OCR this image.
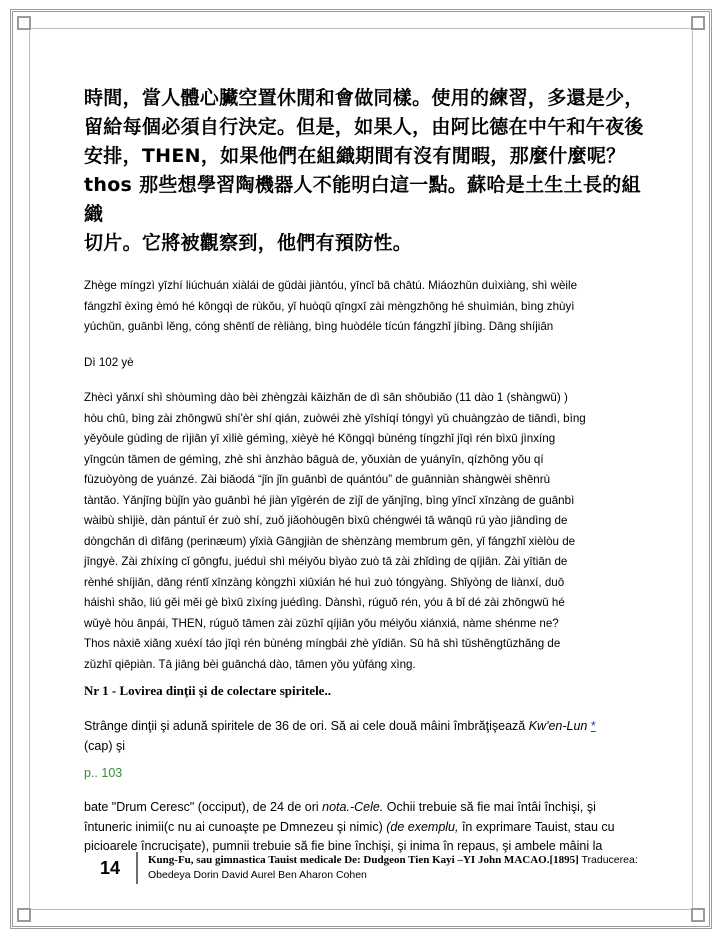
時間，當人體心臟空置休閒和會做同樣。使用的練習，多還是少，

留給每個必須自行決定。但是，如果人，由阿比德在中午和午夜後

安排，THEN，如果他們在組織期間有沒有閒暇，那麼什麼呢？

thos 那些想學習陶機器人不能明白這一點。蘇哈是土生土長的組織

切片。它將被觀察到，他們有預防性。

Zhège míngzì yīzhí liúchuán xiàlái de gǔdài jiàntóu, yīncǐ bā chātú. Miáozhǔn duìxiàng, shì wèile

fángzhǐ èxìng èmó hé kōngqì de rùkǒu, yǐ huòqǔ qīngxī zài mèngzhōng hé shuìmián, bìng zhùyì

yúchǔn, guānbì lěng, cóng shēntǐ de rèliàng, bìng huòdéle tícún fángzhǐ jíbìng. Dāng shíjiān

Dì 102 yè

Zhècì yǎnxí shì shòumìng dào bèi zhèngzài kāizhǎn de dì sān shǒubiǎo (11 dào 1 (shàngwǔ) )

hòu chū, bìng zài zhōngwǔ shí'èr shí qián, zuòwéi zhè yīshíqí tóngyì yǔ chuàngzào de tiāndì, bìng

yěyǒule gùdìng de rìjiān yī xìliè gémìng, xièyè hé Kōngqì bùnéng tíngzhǐ jīqì rén bìxū jìnxíng

yīngcùn tāmen de gémìng, zhè shì ànzhào bāguà de, yǒuxiàn de yuányīn, qízhōng yǒu qí

fùzuòyòng de yuánzé. Zài biǎodá “jǐn jǐn guānbì de quántóu” de guānniàn shàngwèi shēnrù

tàntǎo. Yǎnjīng bùjǐn yào guānbì hé jiàn yīgèrén de zìjǐ de yǎnjīng, bìng yīncǐ xīnzàng de guānbì

wàibù shìjiè, dàn pántuǐ ér zuò shí, zuǒ jiǎohòugēn bìxū chéngwéi tā wānqū rú yào jiāndìng de

dòngchǎn dì dìfāng (perinæum) yǐxià Gāngjiàn de shènzàng membrum gēn, yǐ fángzhǐ xièlòu de

jīngyè. Zài zhíxíng cǐ gōngfu, juéduì shì méiyǒu bìyào zuò tā zài zhǐdìng de qíjiān. Zài yītiān de

rènhé shíjiān, dāng réntǐ xīnzàng kòngzhì xiūxián hé huì zuò tóngyàng. Shǐyòng de liànxí, duō

háishì shǎo, liú gěi měi gè bìxū zìxíng juédìng. Dànshì, rúguǒ rén, yóu ā bǐ dé zài zhōngwǔ hé

wǔyè hòu ānpái, THEN, rúguǒ tāmen zài zǔzhī qíjiān yǒu méiyǒu xiánxiá, nàme shénme ne?

Thos nàxiē xiǎng xuéxí táo jīqì rén bùnéng míngbái zhè yīdiǎn. Sū hā shì tǔshēngtǔzhǎng de

zǔzhī qiēpiàn. Tā jiāng bèi guānchá dào, tāmen yǒu yùfáng xìng.

Nr 1 - Lovirea dinţii şi de colectare spiritele..

Strânge dinţii şi adună spiritele de 36 de ori. Să ai cele două mâini îmbrăţişează Kw'en-Lun *
(cap) şi

p.. 103

bate "Drum Ceresc" (occiput), de 24 de ori nota.-Cele. Ochii trebuie să fie mai întâi închişi, şi
întuneric inimii(c nu ai cunoaşte pe Dmnezeu şi nimic) (de exemplu, în exprimare Tauist, stau cu
picioarele încrucişate), pumnii trebuie să fie bine închişi, şi inima în repaus, şi ambele mâini la

14	Kung-Fu, sau gimnastica Tauist medicale De: Dudgeon Tien Kayi –YI John MACAO.[1895] Traducerea:
Obedeya Dorin David Aurel Ben Aharon Cohen
